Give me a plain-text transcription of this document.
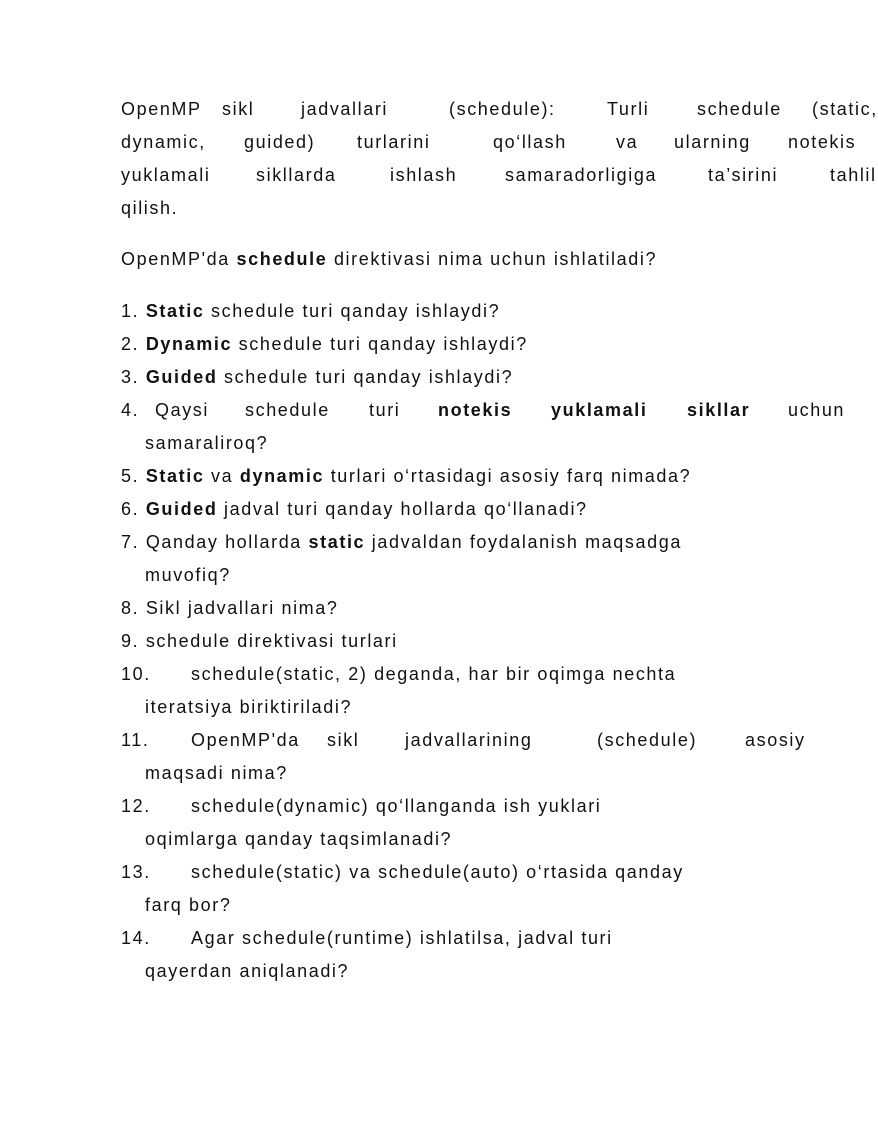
OpenMP sikl	jadvallari	(schedule):	Turli	schedule (static,
dynamic, guided) turlarini	qo‘llash	va ularning notekis
yuklamali	sikllarda	ishlash	samaradorligiga	ta’sirini	tahlil
qilish.
OpenMP'da schedule direktivasi nima uchun ishlatiladi?
1. Static schedule turi qanday ishlaydi?
2. Dynamic schedule turi qanday ishlaydi?
3. Guided schedule turi qanday ishlaydi?
4. Qaysi schedule turi notekis yuklamali sikllar uchun
samaraliroq?
5. Static va dynamic turlari o‘rtasidagi asosiy farq nimada?
6. Guided jadval turi qanday hollarda qo‘llanadi?
7. Qanday hollarda static jadvaldan foydalanish maqsadga
muvofiq?
8. Sikl jadvallari nima?
9. schedule direktivasi turlari
10. schedule(static, 2) deganda, har bir oqimga nechta
iteratsiya biriktiriladi?
11. OpenMP'da sikl	jadvallarining	(schedule)	asosiy
maqsadi nima?
12. schedule(dynamic) qo‘llanganda ish yuklari
oqimlarga qanday taqsimlanadi?
13. schedule(static) va schedule(auto) o‘rtasida qanday
farq bor?
14. Agar schedule(runtime) ishlatilsa, jadval turi
qayerdan aniqlanadi?
